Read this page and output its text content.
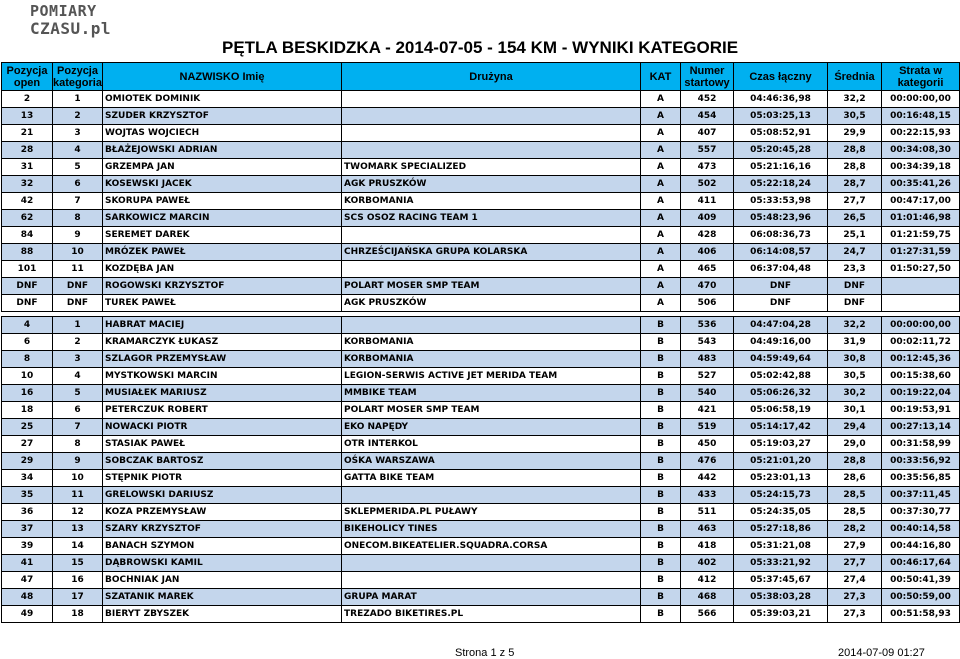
POMIARY
CZASU.pl
PĘTLA BESKIDZKA - 2014-07-05 - 154 KM - WYNIKI KATEGORIE
Pozycja
open	Pozycja
kategoria	NAZWISKO Imię	Drużyna	KAT	Numer
startowy	Czas łączny	Średnia	Strata w
kategorii
2	1	OMIOTEK DOMINIK		A	452	04:46:36,98	32,2	00:00:00,00
13	2	SZUDER KRZYSZTOF		A	454	05:03:25,13	30,5	00:16:48,15
21	3	WOJTAS WOJCIECH		A	407	05:08:52,91	29,9	00:22:15,93
28	4	BŁAŻEJOWSKI ADRIAN		A	557	05:20:45,28	28,8	00:34:08,30
31	5	GRZEMPA JAN	TWOMARK SPECIALIZED	A	473	05:21:16,16	28,8	00:34:39,18
32	6	KOSEWSKI JACEK	AGK PRUSZKÓW	A	502	05:22:18,24	28,7	00:35:41,26
42	7	SKORUPA PAWEŁ	KORBOMANIA	A	411	05:33:53,98	27,7	00:47:17,00
62	8	SARKOWICZ MARCIN	SCS OSOZ RACING TEAM 1	A	409	05:48:23,96	26,5	01:01:46,98
84	9	SEREMET DAREK		A	428	06:08:36,73	25,1	01:21:59,75
88	10	MRÓZEK PAWEŁ	CHRZEŚCIJAŃSKA GRUPA KOLARSKA	A	406	06:14:08,57	24,7	01:27:31,59
101	11	KOZDĘBA JAN		A	465	06:37:04,48	23,3	01:50:27,50
DNF	DNF	ROGOWSKI KRZYSZTOF	POLART MOSER SMP TEAM	A	470	DNF	DNF	
DNF	DNF	TUREK PAWEŁ	AGK PRUSZKÓW	A	506	DNF	DNF	

4	1	HABRAT MACIEJ		B	536	04:47:04,28	32,2	00:00:00,00
6	2	KRAMARCZYK ŁUKASZ	KORBOMANIA	B	543	04:49:16,00	31,9	00:02:11,72
8	3	SZLAGOR PRZEMYSŁAW	KORBOMANIA	B	483	04:59:49,64	30,8	00:12:45,36
10	4	MYSTKOWSKI MARCIN	LEGION-SERWIS ACTIVE JET MERIDA TEAM	B	527	05:02:42,88	30,5	00:15:38,60
16	5	MUSIAŁEK MARIUSZ	MMBIKE TEAM	B	540	05:06:26,32	30,2	00:19:22,04
18	6	PETERCZUK ROBERT	POLART MOSER SMP TEAM	B	421	05:06:58,19	30,1	00:19:53,91
25	7	NOWACKI PIOTR	EKO NAPĘDY	B	519	05:14:17,42	29,4	00:27:13,14
27	8	STASIAK PAWEŁ	OTR INTERKOL	B	450	05:19:03,27	29,0	00:31:58,99
29	9	SOBCZAK BARTOSZ	OŚKA WARSZAWA	B	476	05:21:01,20	28,8	00:33:56,92
34	10	STĘPNIK PIOTR	GATTA BIKE TEAM	B	442	05:23:01,13	28,6	00:35:56,85
35	11	GRELOWSKI DARIUSZ		B	433	05:24:15,73	28,5	00:37:11,45
36	12	KOZA PRZEMYSŁAW	SKLEPMERIDA.PL PUŁAWY	B	511	05:24:35,05	28,5	00:37:30,77
37	13	SZARY KRZYSZTOF	BIKEHOLICY TINES	B	463	05:27:18,86	28,2	00:40:14,58
39	14	BANACH SZYMON	ONECOM.BIKEATELIER.SQUADRA.CORSA	B	418	05:31:21,08	27,9	00:44:16,80
41	15	DĄBROWSKI KAMIL		B	402	05:33:21,92	27,7	00:46:17,64
47	16	BOCHNIAK JAN		B	412	05:37:45,67	27,4	00:50:41,39
48	17	SZATANIK MAREK	GRUPA MARAT	B	468	05:38:03,28	27,3	00:50:59,00
49	18	BIERYT ZBYSZEK	TREZADO BIKETIRES.PL	B	566	05:39:03,21	27,3	00:51:58,93
Strona 1 z 5	2014-07-09 01:27
